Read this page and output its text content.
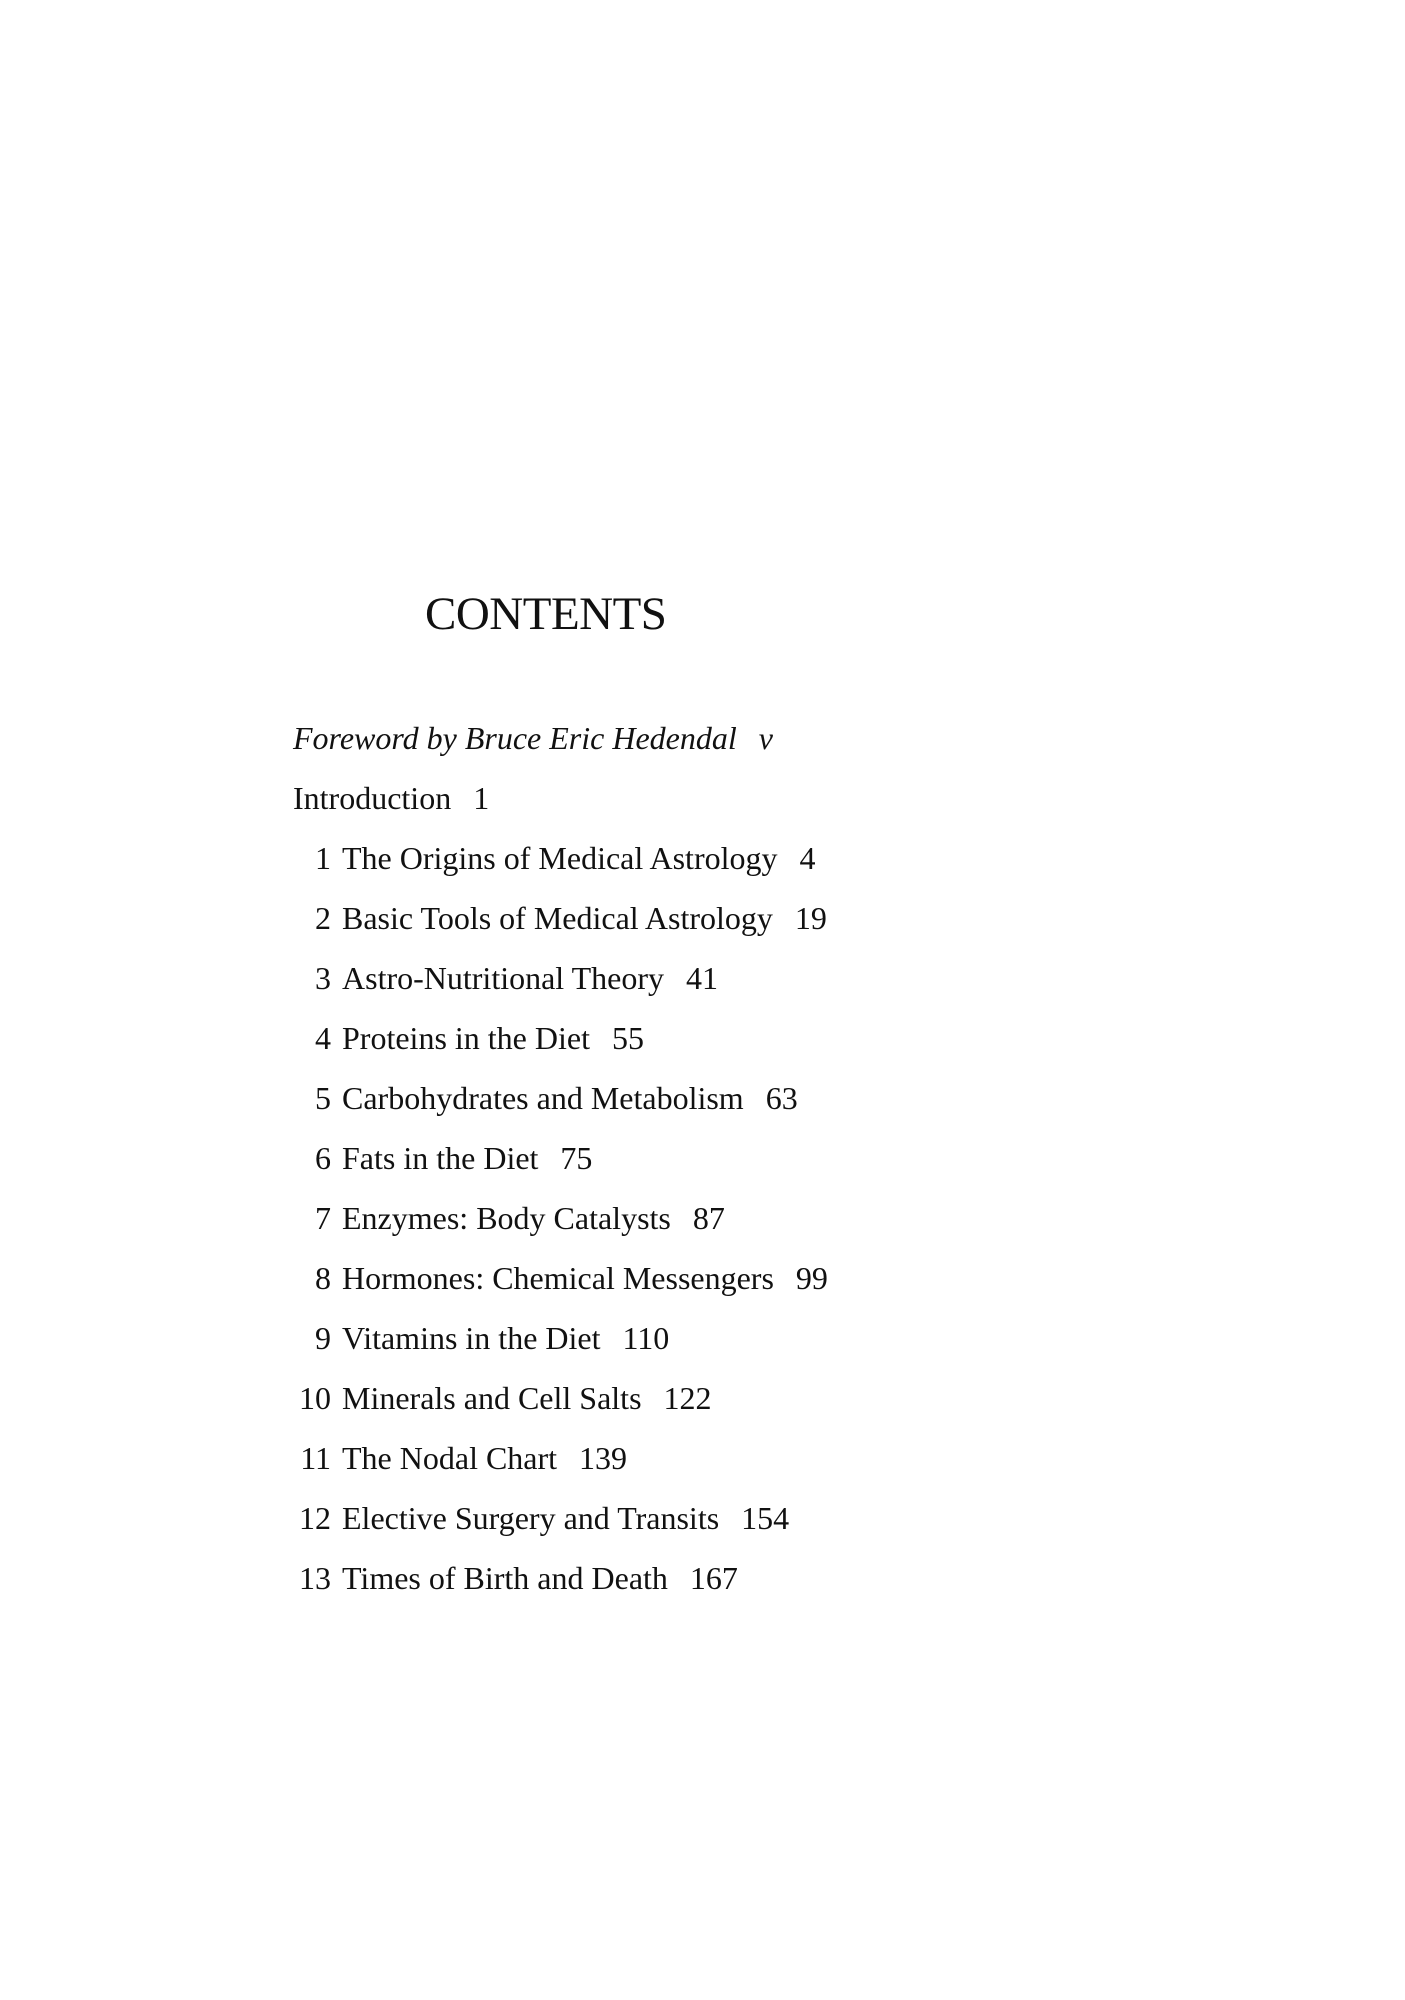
CONTENTS
Foreword by Bruce Eric Hedendal v
Introduction 1
1 The Origins of Medical Astrology 4
2 Basic Tools of Medical Astrology 19
3 Astro-Nutritional Theory 41
4 Proteins in the Diet 55
5 Carbohydrates and Metabolism 63
6 Fats in the Diet 75
7 Enzymes: Body Catalysts 87
8 Hormones: Chemical Messengers 99
9 Vitamins in the Diet 110
10 Minerals and Cell Salts 122
11 The Nodal Chart 139
12 Elective Surgery and Transits 154
13 Times of Birth and Death 167
